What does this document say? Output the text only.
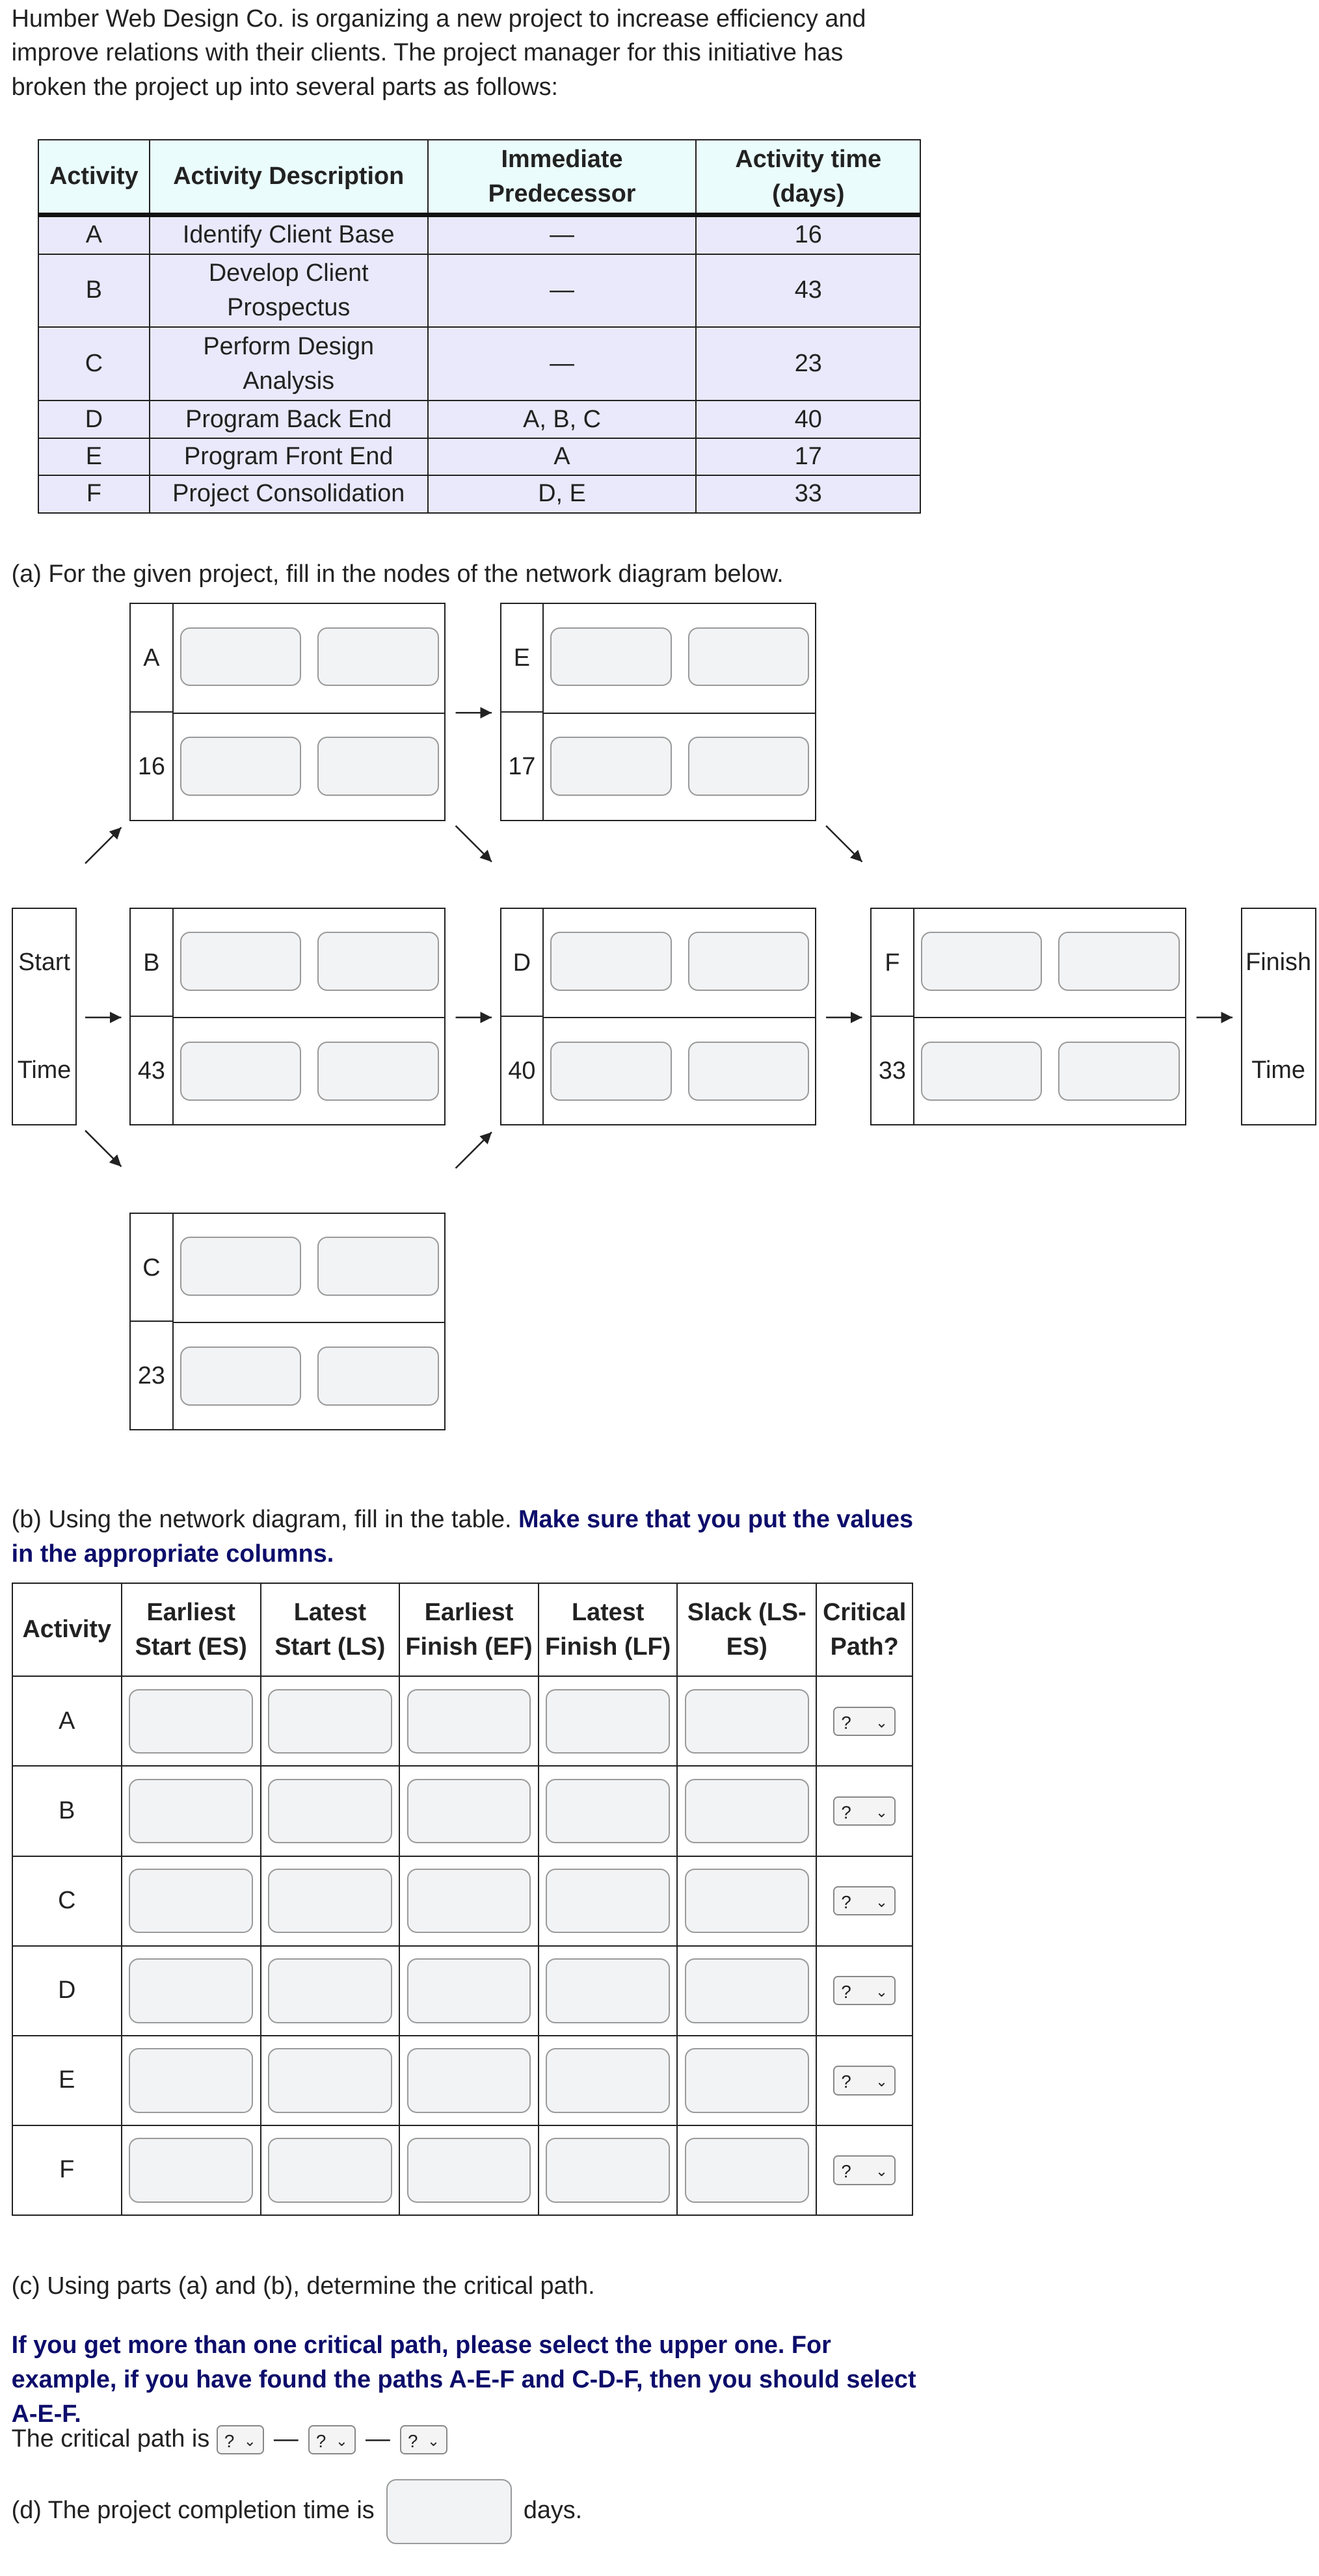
Humber Web Design Co. is organizing a new project to increase efficiency and improve relations with their clients. The project manager for this initiative has broken the project up into several parts as follows:

Activity	Activity Description	Immediate Predecessor	Activity time (days)
A	Identify Client Base	—	16
B	Develop Client Prospectus	—	43
C	Perform Design Analysis	—	23
D	Program Back End	A, B, C	40
E	Program Front End	A	17
F	Project Consolidation	D, E	33

(a) For the given project, fill in the nodes of the network diagram below.

Start
Time
Finish
Time
A
16
E
17
B
43
D
40
F
33
C
23

(b) Using the network diagram, fill in the table. Make sure that you put the values in the appropriate columns.

Activity	Earliest Start (ES)	Latest Start (LS)	Earliest Finish (EF)	Latest Finish (LF)	Slack (LS-ES)	Critical Path?
A						? ⌄

B						? ⌄

C						? ⌄

D						? ⌄

E						? ⌄

F						? ⌄

(c) Using parts (a) and (b), determine the critical path.

If you get more than one critical path, please select the upper one. For example, if you have found the paths A-E-F and C-D-F, then you should select A-E-F.

The critical path is ? ⌄ — ? ⌄ — ? ⌄
(d) The project completion time is	days.
